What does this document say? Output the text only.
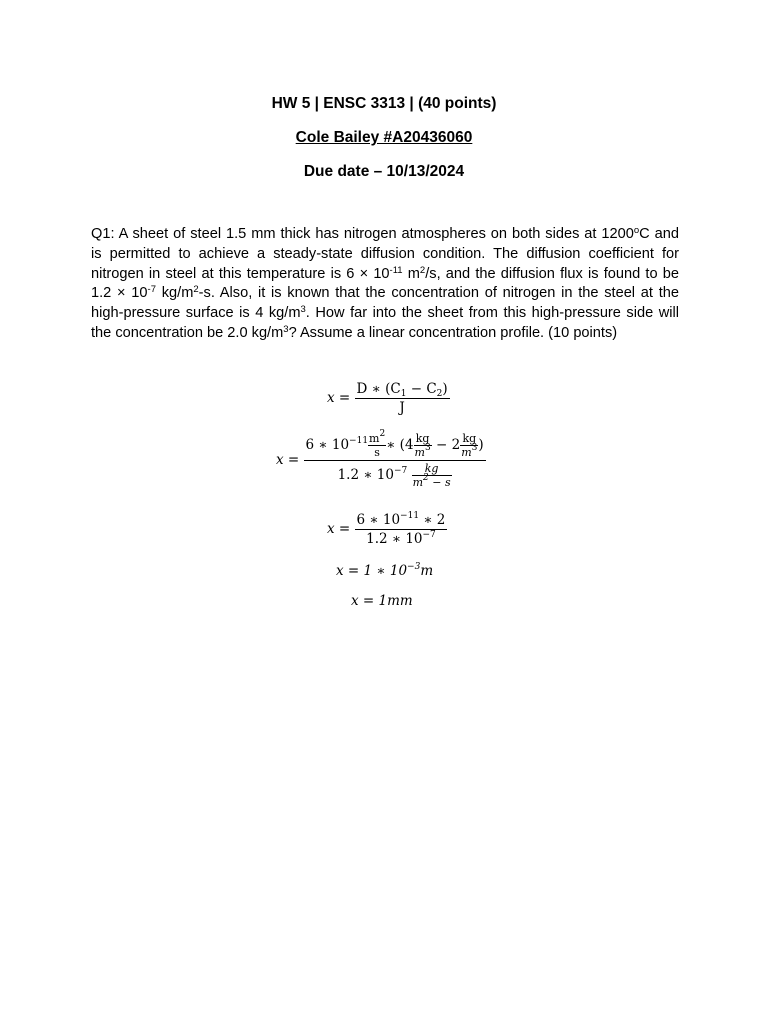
HW 5 | ENSC 3313 | (40 points)
Cole Bailey #A20436060
Due date – 10/13/2024
Q1: A sheet of steel 1.5 mm thick has nitrogen atmospheres on both sides at 1200$^o$C and is permitted to achieve a steady-state diffusion condition. The diffusion coefficient for nitrogen in steel at this temperature is $6 \times 10^{-11}$ $m^2/s$, and the diffusion flux is found to be $1.2 \times 10^{-7}$ $kg/m^2-s$. Also, it is known that the concentration of nitrogen in the steel at the high-pressure surface is 4 $kg/m^3$. How far into the sheet from this high-pressure side will the concentration be 2.0 $kg/m^3$? Assume a linear concentration profile. (10 points)
$x = \frac{D ∗ (C_1 - C_2)}{J}$
$x = \frac{6 ∗ 10^{-11} \frac{m^2}{s} ∗ (4 \frac{kg}{m^3} - 2 \frac{kg}{m^3} )}{1.2 ∗ 10^{-7} \frac{kg}{m^2 - s}}$
$x = \frac{6 ∗ 10^{-11} ∗ 2}{1.2 ∗ 10^{-7}}$
x = 1 ∗ $10^{-3}m$
x = 1mm
